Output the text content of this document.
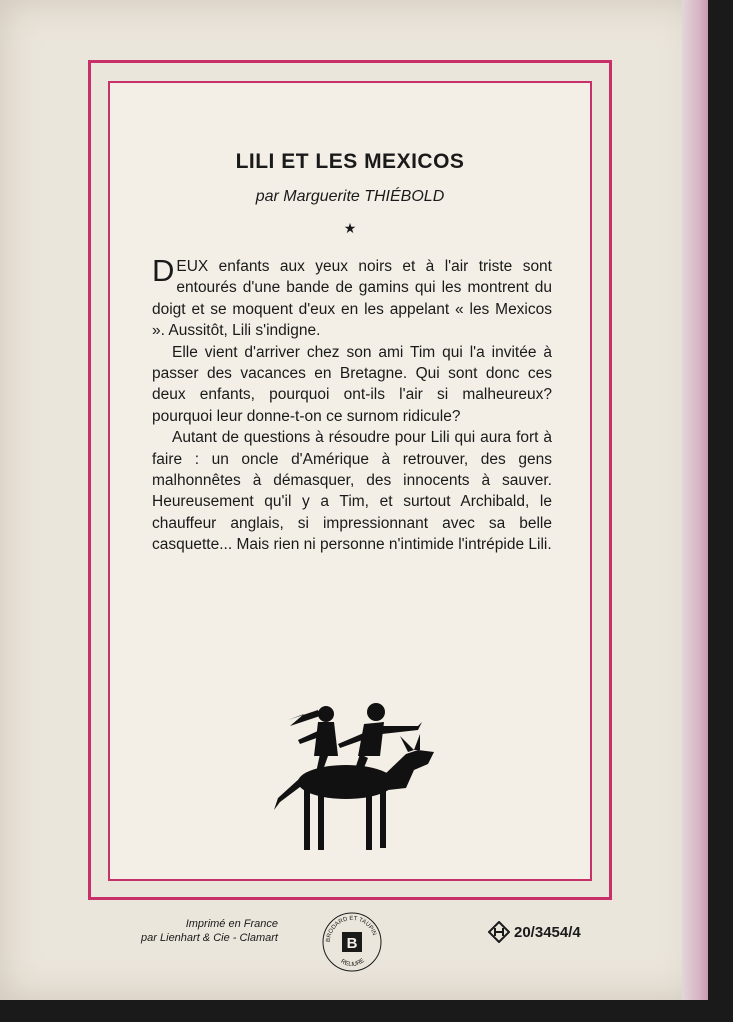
LILI ET LES MEXICOS
par Marguerite THIÉBOLD
★

DEUX enfants aux yeux noirs et à l'air triste sont entourés d'une bande de gamins qui les montrent du doigt et se moquent d'eux en les appelant « les Mexicos ». Aussitôt, Lili s'indigne.

Elle vient d'arriver chez son ami Tim qui l'a invitée à passer des vacances en Bretagne. Qui sont donc ces deux enfants, pourquoi ont-ils l'air si malheureux? pourquoi leur donne-t-on ce surnom ridicule?

Autant de questions à résoudre pour Lili qui aura fort à faire : un oncle d'Amérique à retrouver, des gens malhonnêtes à démasquer, des innocents à sauver. Heureusement qu'il y a Tim, et surtout Archibald, le chauffeur anglais, si impressionnant avec sa belle casquette... Mais rien ni personne n'intimide l'intrépide Lili.

Imprimé en France
par Lienhart & Cie - Clamart	BRODARD ET TAUPIN
RELIURE
B
20/3454/4
